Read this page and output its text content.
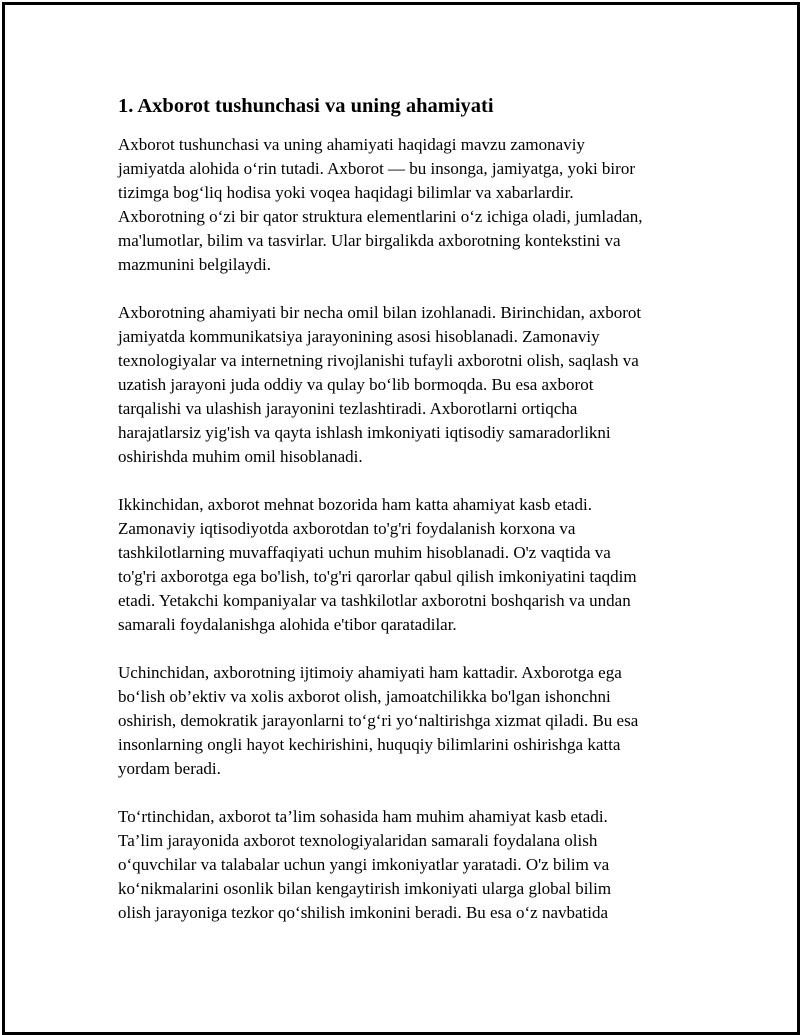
1. Axborot tushunchasi va uning ahamiyati
Axborot tushunchasi va uning ahamiyati haqidagi mavzu zamonaviy
jamiyatda alohida o‘rin tutadi. Axborot — bu insonga, jamiyatga, yoki biror
tizimga bog‘liq hodisa yoki voqea haqidagi bilimlar va xabarlardir.
Axborotning o‘zi bir qator struktura elementlarini o‘z ichiga oladi, jumladan,
ma'lumotlar, bilim va tasvirlar. Ular birgalikda axborotning kontekstini va
mazmunini belgilaydi.
Axborotning ahamiyati bir necha omil bilan izohlanadi. Birinchidan, axborot
jamiyatda kommunikatsiya jarayonining asosi hisoblanadi. Zamonaviy
texnologiyalar va internetning rivojlanishi tufayli axborotni olish, saqlash va
uzatish jarayoni juda oddiy va qulay bo‘lib bormoqda. Bu esa axborot
tarqalishi va ulashish jarayonini tezlashtiradi. Axborotlarni ortiqcha
harajatlarsiz yig'ish va qayta ishlash imkoniyati iqtisodiy samaradorlikni
oshirishda muhim omil hisoblanadi.
Ikkinchidan, axborot mehnat bozorida ham katta ahamiyat kasb etadi.
Zamonaviy iqtisodiyotda axborotdan to'g'ri foydalanish korxona va
tashkilotlarning muvaffaqiyati uchun muhim hisoblanadi. O'z vaqtida va
to'g'ri axborotga ega bo'lish, to'g'ri qarorlar qabul qilish imkoniyatini taqdim
etadi. Yetakchi kompaniyalar va tashkilotlar axborotni boshqarish va undan
samarali foydalanishga alohida e'tibor qaratadilar.
Uchinchidan, axborotning ijtimoiy ahamiyati ham kattadir. Axborotga ega
bo‘lish ob’ektiv va xolis axborot olish, jamoatchilikka bo'lgan ishonchni
oshirish, demokratik jarayonlarni to‘g‘ri yo‘naltirishga xizmat qiladi. Bu esa
insonlarning ongli hayot kechirishini, huquqiy bilimlarini oshirishga katta
yordam beradi.
To‘rtinchidan, axborot ta’lim sohasida ham muhim ahamiyat kasb etadi.
Ta’lim jarayonida axborot texnologiyalaridan samarali foydalana olish
o‘quvchilar va talabalar uchun yangi imkoniyatlar yaratadi. O'z bilim va
ko‘nikmalarini osonlik bilan kengaytirish imkoniyati ularga global bilim
olish jarayoniga tezkor qo‘shilish imkonini beradi. Bu esa o‘z navbatida
